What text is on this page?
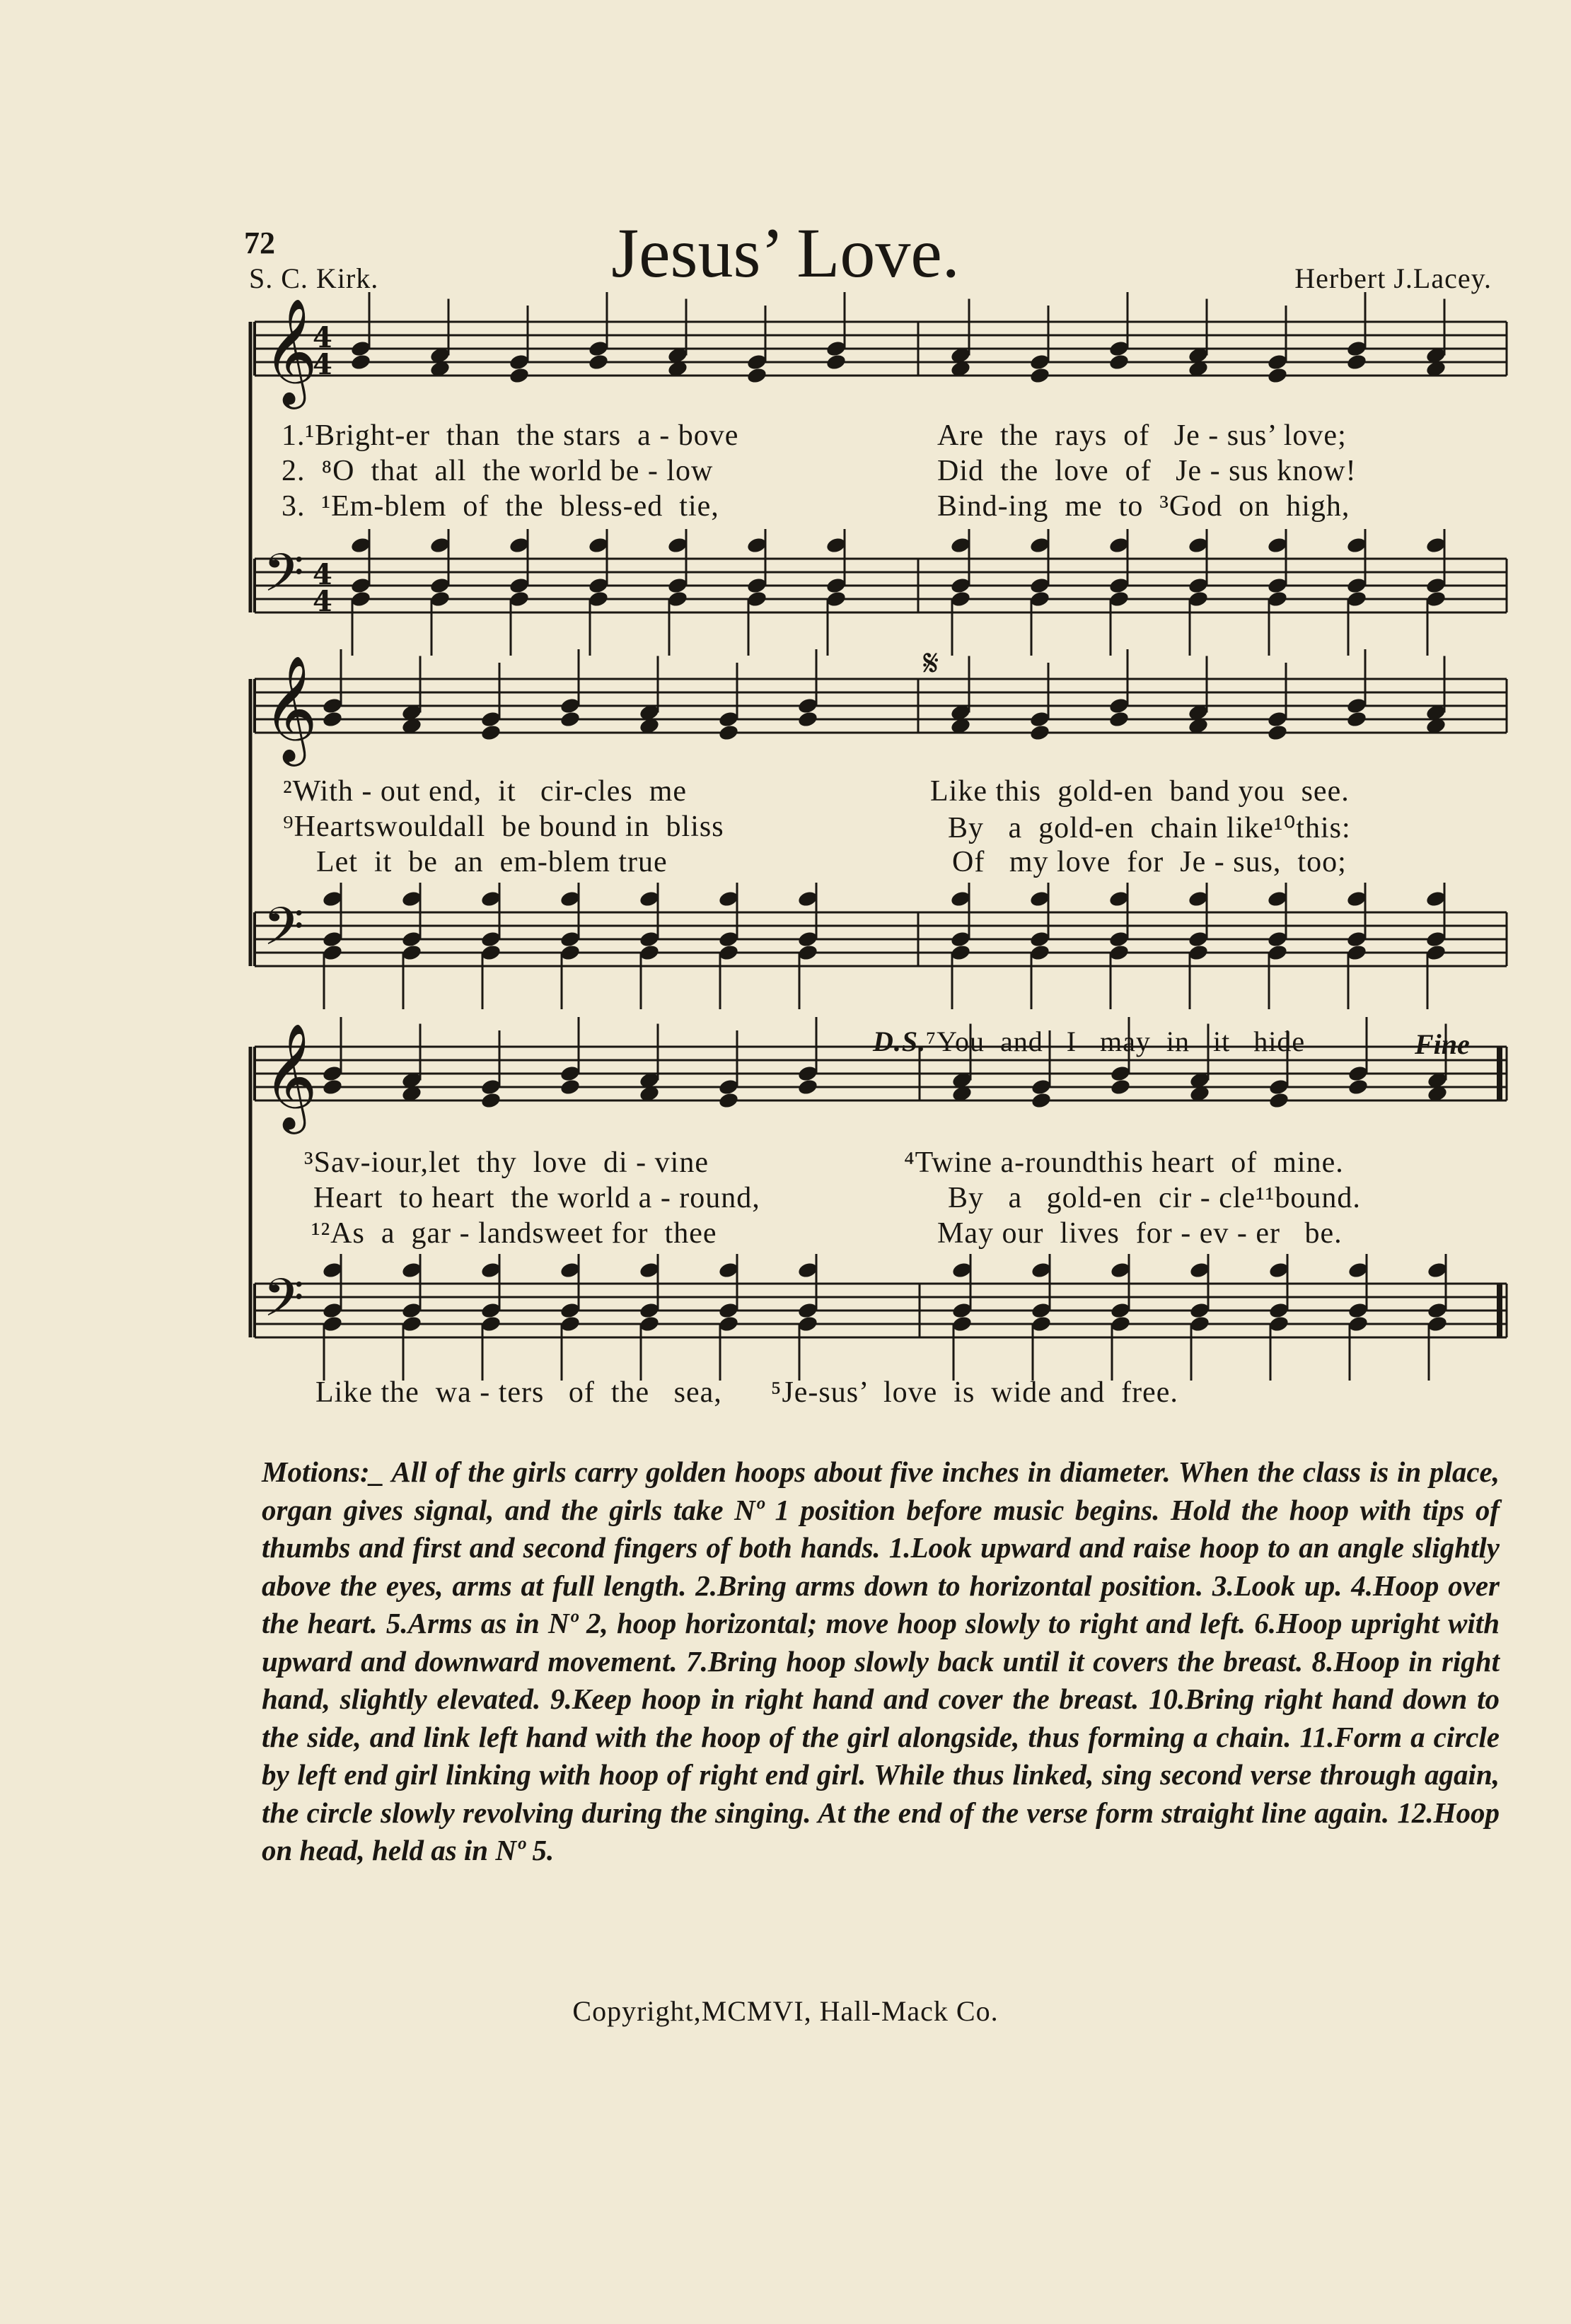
72	Jesus’ Love.
S. C. Kirk.	Herbert J.Lacey.
𝄞
4
4
𝄢 4
4
𝄞
𝄢
𝄞
𝄢
𝄋
1.¹Bright-er  than  the stars  a - bove
2.  ⁸O  that  all  the world be - low
3.  ¹Em-blem  of  the  bless-ed  tie,
Are  the  rays  of   Je - sus’ love;
Did  the  love  of   Je - sus know!
Bind-ing  me  to  ³God  on  high,
²With - out end,  it   cir-cles  me
⁹Heartswouldall  be bound in  bliss
Let  it  be  an  em-blem true
Like this  gold-en  band you  see.
By   a  gold-en  chain like¹⁰this:
Of   my love  for  Je - sus,  too;

D.S.⁷You  and   I   may  in   it   hide	Fine
³Sav-iour,let  thy  love  di - vine
Heart  to heart  the world a - round,
¹²As  a  gar - landsweet for  thee
⁴Twine a-roundthis heart  of  mine.
By   a   gold-en  cir - cle¹¹bound.
May our  lives  for - ev - er   be.
Like the  wa - ters   of  the   sea,      ⁵Je-sus’  love  is  wide and  free.
Motions:_ All of the girls carry golden hoops about five inches in diameter. When the class is in place, organ gives signal, and the girls take Nº 1 position before music begins. Hold the hoop with tips of thumbs and first and second fingers of both hands. 1.Look upward and raise hoop to an angle slightly above the eyes, arms at full length. 2.Bring arms down to horizontal position. 3.Look up. 4.Hoop over the heart. 5.Arms as in Nº 2, hoop horizontal; move hoop slowly to right and left. 6.Hoop upright with upward and downward movement. 7.Bring hoop slowly back until it covers the breast. 8.Hoop in right hand, slightly elevated. 9.Keep hoop in right hand and cover the breast. 10.Bring right hand down to the side, and link left hand with the hoop of the girl alongside, thus forming a chain. 11.Form a circle by left end girl linking with hoop of right end girl. While thus linked, sing second verse through again, the circle slowly revolving during the singing. At the end of the verse form straight line again. 12.Hoop on head, held as in Nº 5.
Copyright,MCMVI, Hall-Mack Co.
